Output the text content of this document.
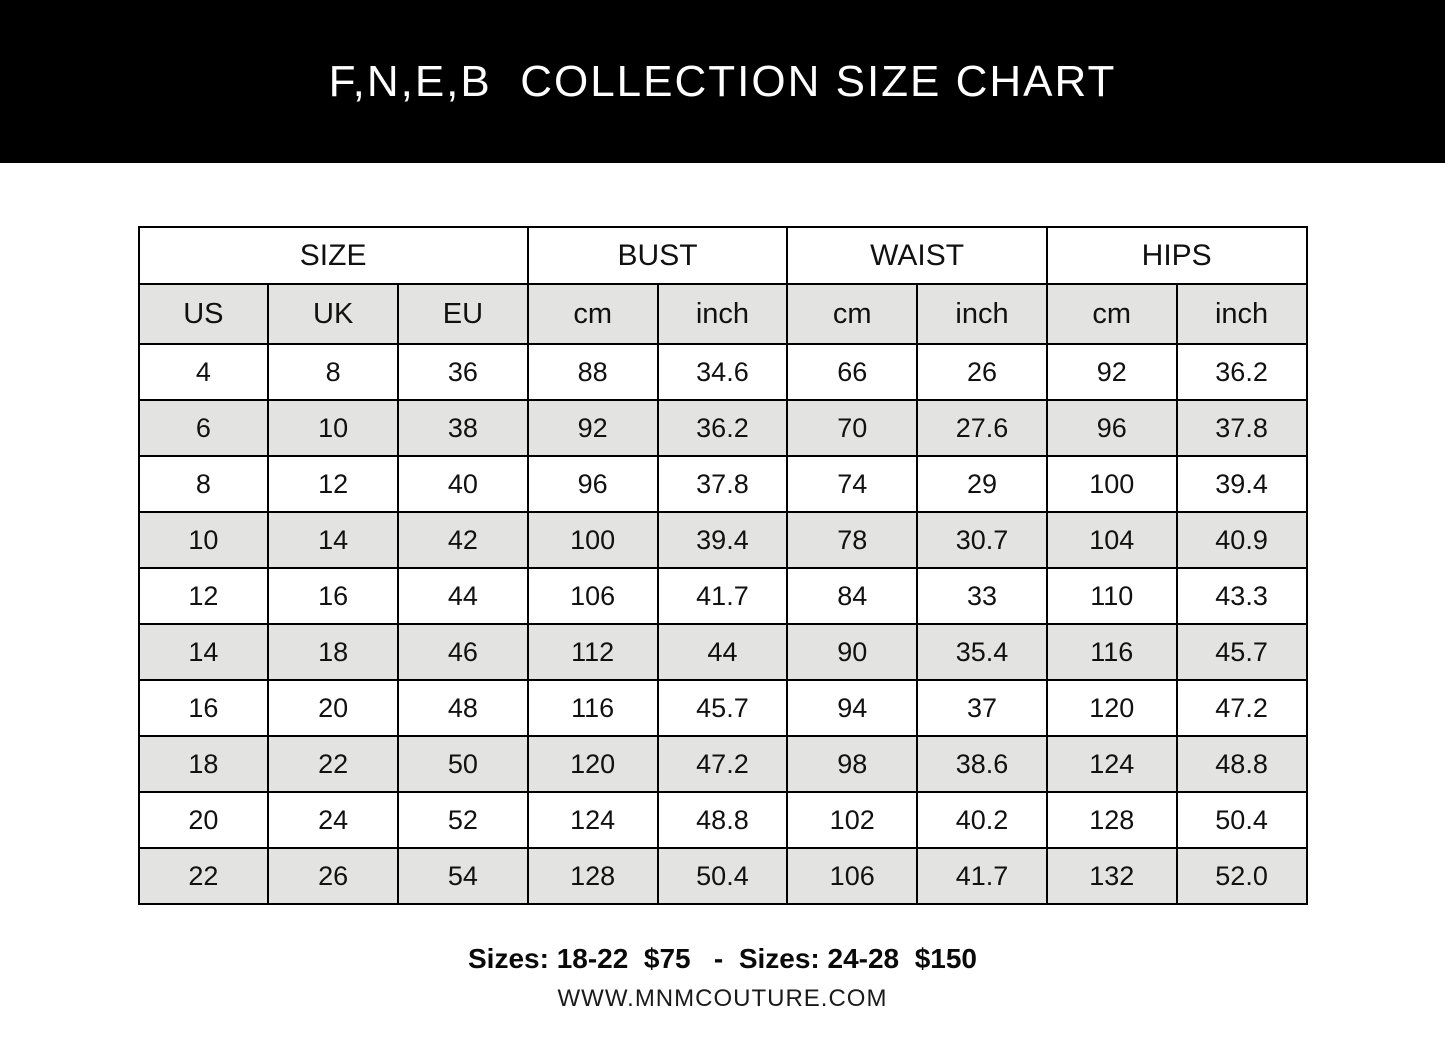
F,N,E,B  COLLECTION SIZE CHART
SIZE			BUST		WAIST		HIPS	
US	UK	EU	cm	inch	cm	inch	cm	inch
4	8	36	88	34.6	66	26	92	36.2
6	10	38	92	36.2	70	27.6	96	37.8
8	12	40	96	37.8	74	29	100	39.4
10	14	42	100	39.4	78	30.7	104	40.9
12	16	44	106	41.7	84	33	110	43.3
14	18	46	112	44	90	35.4	116	45.7
16	20	48	116	45.7	94	37	120	47.2
18	22	50	120	47.2	98	38.6	124	48.8
20	24	52	124	48.8	102	40.2	128	50.4
22	26	54	128	50.4	106	41.7	132	52.0
Sizes: 18-22  $75   -  Sizes: 24-28  $150
WWW.MNMCOUTURE.COM
